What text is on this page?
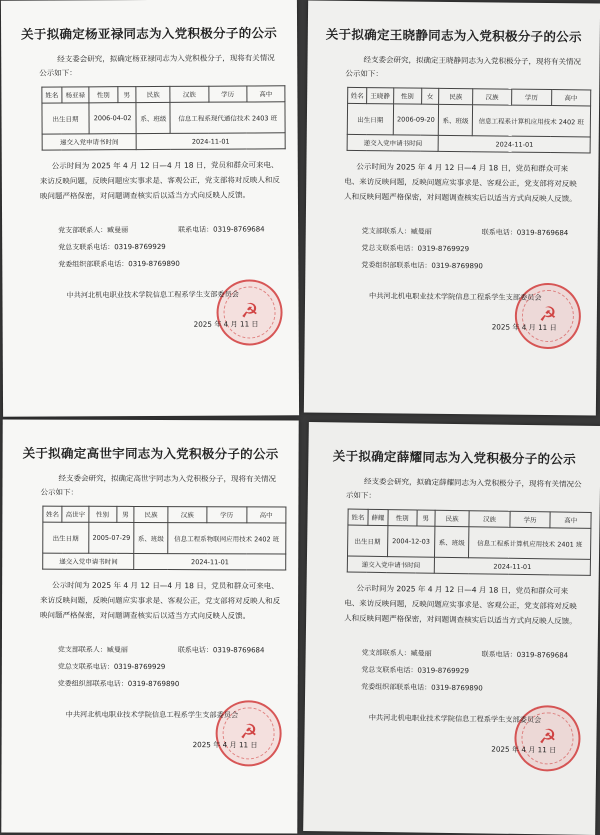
关于拟确定杨亚禄同志为入党积极分子的公示
经支委会研究，拟确定杨亚禄同志为入党积极分子，现将有关情况公示如下：
姓名	杨亚禄	性别	男	民族	汉族	学历	高中
出生日期		2006-04-02		系、班级	信息工程系现代通信技术 2403 班		
递交入党申请书时间				2024-11-01			

公示时间为 2025 年 4 月 12 日—4 月 18 日，党员和群众可来电、来访反映问题，反映问题应实事求是、客观公正，党支部将对反映人和反映问题严格保密，对问题调查核实后以适当方式向反映人反馈。

党支部联系人：臧曼丽	联系电话：0319-8769684
党总支联系电话：0319-8769929
党委组织部联系电话：0319-8769890
☭
中共河北机电职业技术学院信息工程系学生支部委员会
2025 年 4 月 11 日
关于拟确定王晓静同志为入党积极分子的公示
经支委会研究，拟确定王晓静同志为入党积极分子，现将有关情况公示如下：
姓名	王晓静	性别	女	民族	汉族	学历	高中
出生日期		2006-09-20		系、班级	信息工程系计算机应用技术 2402 班		
递交入党申请书时间				2024-11-01			

公示时间为 2025 年 4 月 12 日—4 月 18 日，党员和群众可来电、来访反映问题，反映问题应实事求是、客观公正，党支部将对反映人和反映问题严格保密，对问题调查核实后以适当方式向反映人反馈。

党支部联系人：臧曼丽	联系电话：0319-8769684
党总支联系电话：0319-8769929
党委组织部联系电话：0319-8769890
☭
中共河北机电职业技术学院信息工程系学生支部委员会
2025 年 4 月 11 日
关于拟确定高世宇同志为入党积极分子的公示
经支委会研究，拟确定高世宇同志为入党积极分子，现将有关情况公示如下：
姓名	高世宇	性别	男	民族	汉族	学历	高中
出生日期		2005-07-29		系、班级	信息工程系物联网应用技术 2402 班		
递交入党申请书时间				2024-11-01			

公示时间为 2025 年 4 月 12 日—4 月 18 日，党员和群众可来电、来访反映问题，反映问题应实事求是、客观公正，党支部将对反映人和反映问题严格保密，对问题调查核实后以适当方式向反映人反馈。

党支部联系人：臧曼丽	联系电话：0319-8769684
党总支联系电话：0319-8769929
党委组织部联系电话：0319-8769890
☭
中共河北机电职业技术学院信息工程系学生支部委员会
2025 年 4 月 11 日
关于拟确定薛耀同志为入党积极分子的公示
经支委会研究，拟确定薛耀同志为入党积极分子，现将有关情况公示如下：
姓名	薛耀	性别	男	民族	汉族	学历	高中
出生日期		2004-12-03		系、班级	信息工程系计算机应用技术 2401 班		
递交入党申请书时间				2024-11-01			

公示时间为 2025 年 4 月 12 日—4 月 18 日，党员和群众可来电、来访反映问题，反映问题应实事求是、客观公正，党支部将对反映人和反映问题严格保密，对问题调查核实后以适当方式向反映人反馈。

党支部联系人：臧曼丽	联系电话：0319-8769684
党总支联系电话：0319-8769929
党委组织部联系电话：0319-8769890
☭
中共河北机电职业技术学院信息工程系学生支部委员会
2025 年 4 月 11 日
